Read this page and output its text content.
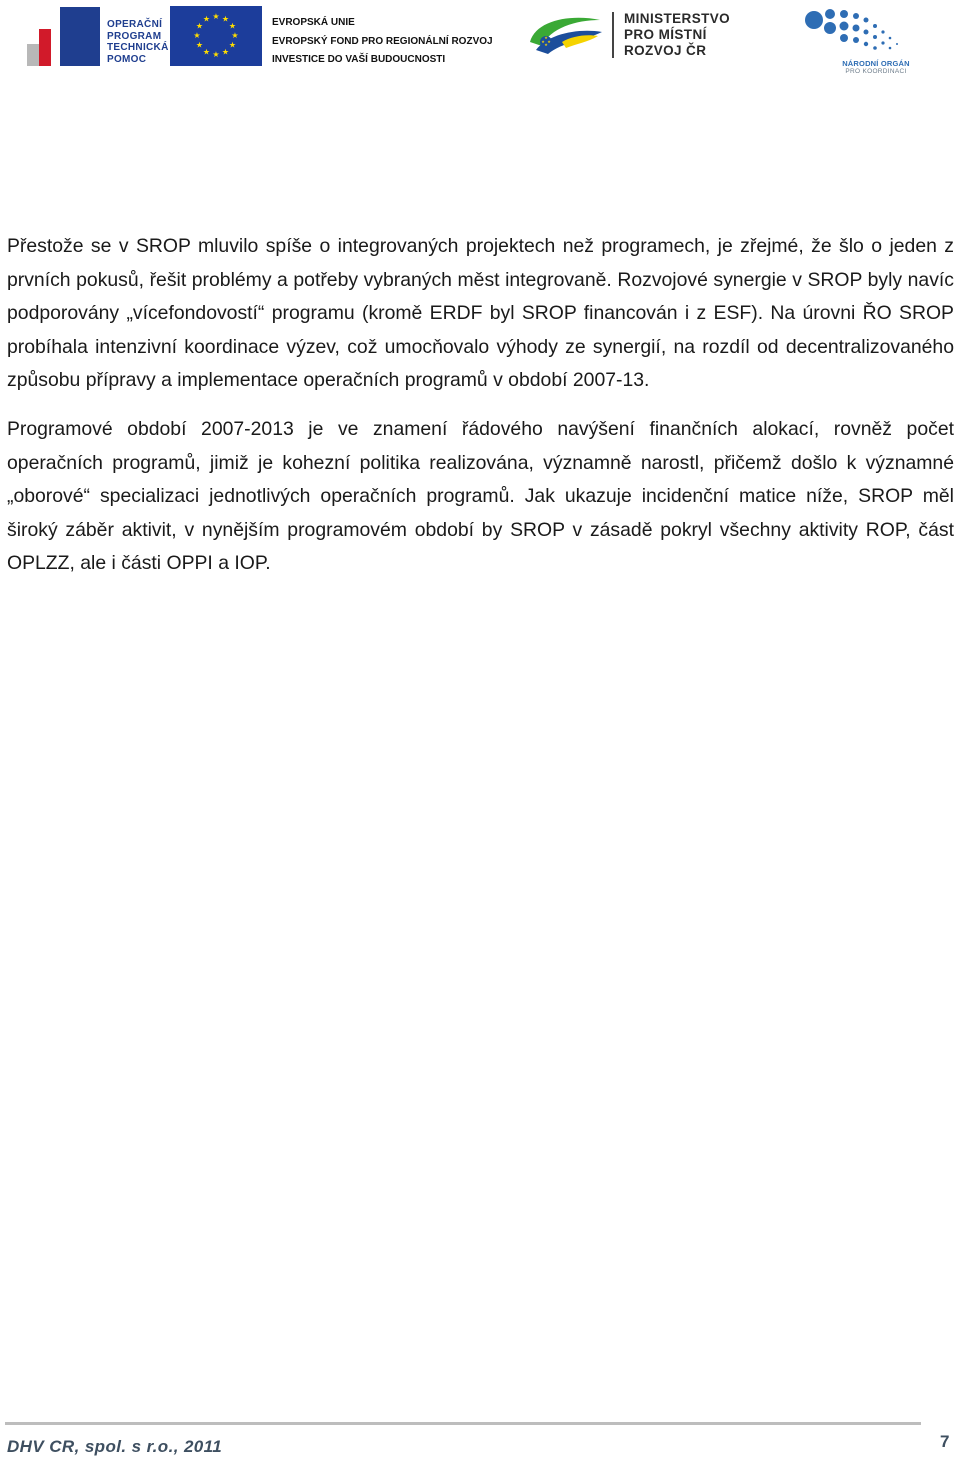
OPERAČNÍ
PROGRAM
TECHNICKÁ
POMOC
★ ★
★
★
★
★
★
★
★
★
★
★	EVROPSKÁ UNIE
EVROPSKÝ FOND PRO REGIONÁLNÍ ROZVOJ
INVESTICE DO VAŠÍ BUDOUCNOSTI
★
★
★
★
MINISTERSTVO
PRO MÍSTNÍ
ROZVOJ ČR
NÁRODNÍ ORGÁN
PRO KOORDINACI

Přestože se v SROP mluvilo spíše o integrovaných projektech než programech, je zřejmé, že šlo o jeden z prvních pokusů, řešit problémy a potřeby vybraných měst integrovaně. Rozvojové synergie v SROP byly navíc podporovány „vícefondovostí“ programu (kromě ERDF byl SROP financován i z ESF). Na úrovni ŘO SROP probíhala intenzivní koordinace výzev, což umocňovalo výhody ze synergií, na rozdíl od decentralizovaného způsobu přípravy a implementace operačních programů v období 2007-13.

Programové období 2007-2013 je ve znamení řádového navýšení finančních alokací, rovněž počet operačních programů, jimiž je kohezní politika realizována, významně narostl, přičemž došlo k významné „oborové“ specializaci jednotlivých operačních programů. Jak ukazuje incidenční matice níže, SROP měl široký záběr aktivit, v nynějším programovém období by SROP v zásadě pokryl všechny aktivity ROP, část OPLZZ, ale i části OPPI a IOP.

DHV CR, spol. s r.o., 2011	7
